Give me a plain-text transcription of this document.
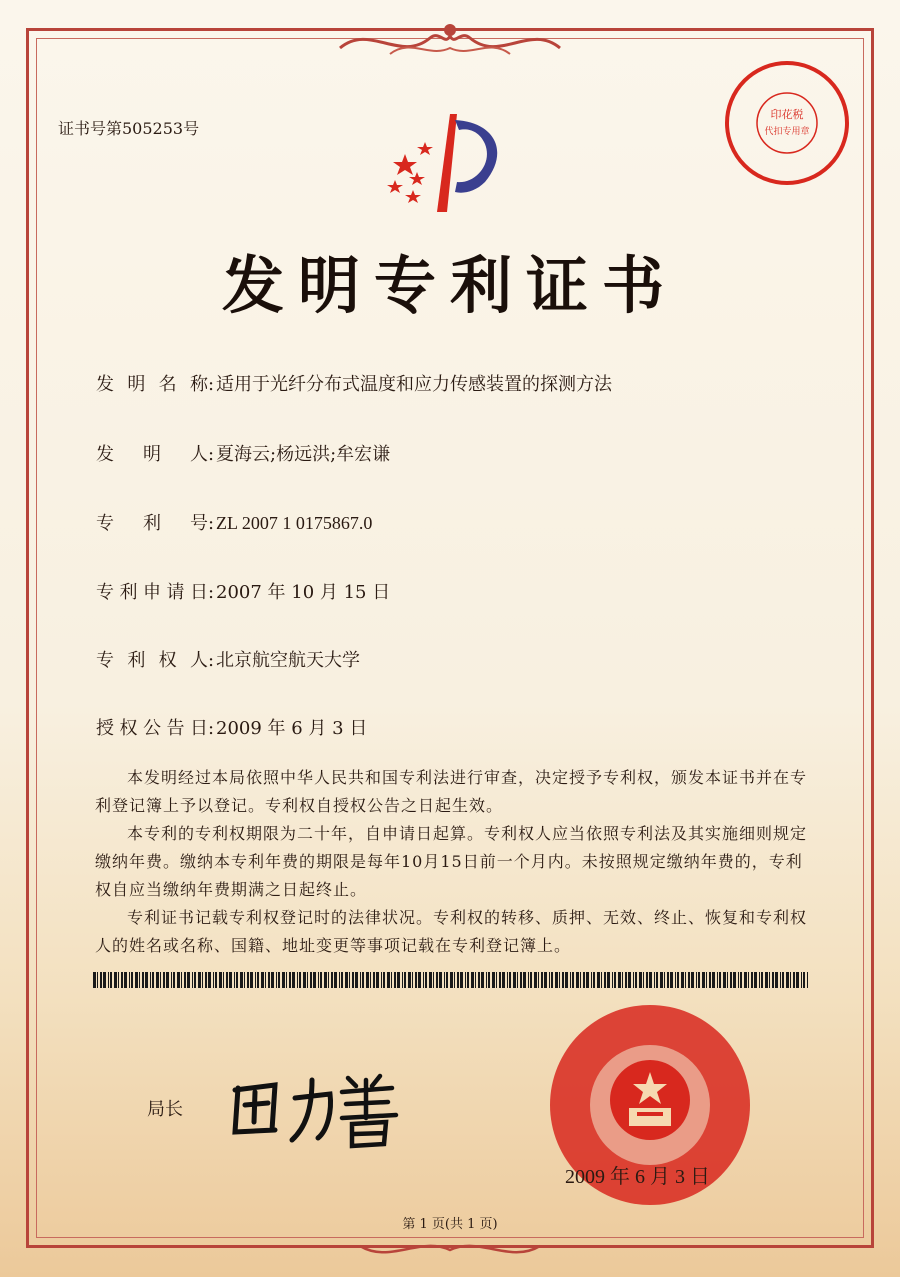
证书号第505253号
发明专利证书
发明名称: 适用于光纤分布式温度和应力传感装置的探测方法
发明人: 夏海云;杨远洪;牟宏谦
专利号: ZL 2007 1 0175867.0
专利申请日: 2007 年 10 月 15 日
专利权人: 北京航空航天大学
授权公告日: 2009 年 6 月 3 日

本发明经过本局依照中华人民共和国专利法进行审查，决定授予专利权，颁发本证书并在专利登记簿上予以登记。专利权自授权公告之日起生效。

本专利的专利权期限为二十年，自申请日起算。专利权人应当依照专利法及其实施细则规定缴纳年费。缴纳本专利年费的期限是每年10月15日前一个月内。未按照规定缴纳年费的，专利权自应当缴纳年费期满之日起终止。

专利证书记载专利权登记时的法律状况。专利权的转移、质押、无效、终止、恢复和专利权人的姓名或名称、国籍、地址变更等事项记载在专利登记簿上。

局长
印花税
代扣专用章
2009 年 6 月 3 日
第 1 页(共 1 页)
